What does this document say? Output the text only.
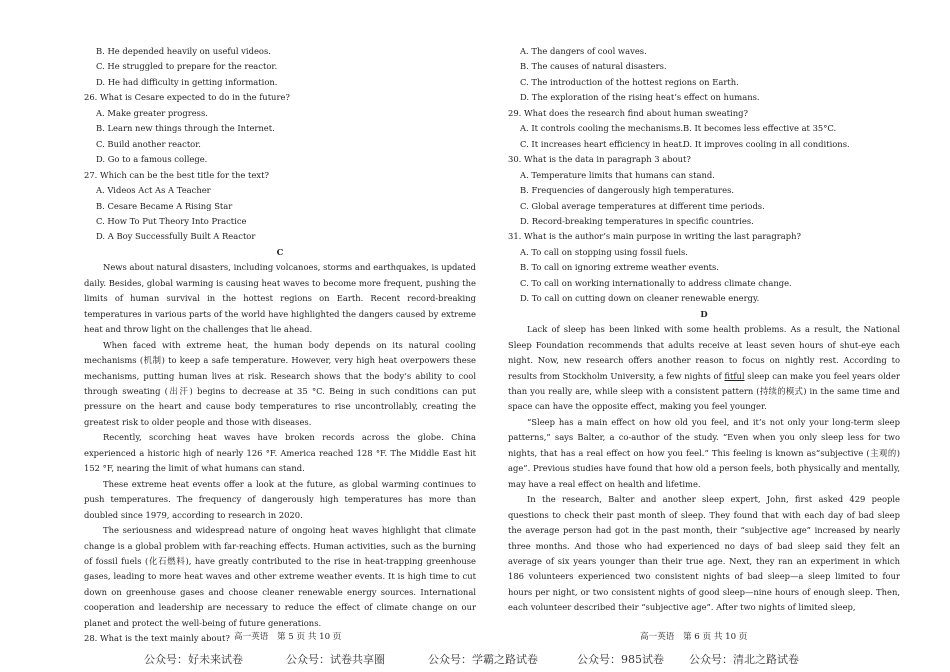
B. He depended heavily on useful videos.
C. He struggled to prepare for the reactor.
D. He had difficulty in getting information.
26. What is Cesare expected to do in the future?
A. Make greater progress.
B. Learn new things through the Internet.
C. Build another reactor.
D. Go to a famous college.
27. Which can be the best title for the text?
A. Videos Act As A Teacher
B. Cesare Became A Rising Star
C. How To Put Theory Into Practice
D. A Boy Successfully Built A Reactor
C
News about natural disasters, including volcanoes, storms and earthquakes, is updated daily. Besides, global warming is causing heat waves to become more frequent, pushing the limits of human survival in the hottest regions on Earth. Recent record-breaking temperatures in various parts of the world have highlighted the dangers caused by extreme heat and throw light on the challenges that lie ahead.
When faced with extreme heat, the human body depends on its natural cooling mechanisms (机制) to keep a safe temperature. However, very high heat overpowers these mechanisms, putting human lives at risk. Research shows that the body’s ability to cool through sweating (出汗) begins to decrease at 35 °C. Being in such conditions can put pressure on the heart and cause body temperatures to rise uncontrollably, creating the greatest risk to older people and those with diseases.
Recently, scorching heat waves have broken records across the globe. China experienced a historic high of nearly 126 °F. America reached 128 °F. The Middle East hit 152 °F, nearing the limit of what humans can stand.
These extreme heat events offer a look at the future, as global warming continues to push temperatures. The frequency of dangerously high temperatures has more than doubled since 1979, according to research in 2020.
The seriousness and widespread nature of ongoing heat waves highlight that climate change is a global problem with far-reaching effects. Human activities, such as the burning of fossil fuels (化石燃料), have greatly contributed to the rise in heat-trapping greenhouse gases, leading to more heat waves and other extreme weather events. It is high time to cut down on greenhouse gases and choose cleaner renewable energy sources. International cooperation and leadership are necessary to reduce the effect of climate change on our planet and protect the well-being of future generations.
28. What is the text mainly about?
A. The dangers of cool waves.
B. The causes of natural disasters.
C. The introduction of the hottest regions on Earth.
D. The exploration of the rising heat’s effect on humans.
29. What does the research find about human sweating?
A. It controls cooling the mechanisms. B. It becomes less effective at 35°C.
C. It increases heart efficiency in heat.
D. It improves cooling in all conditions.
30. What is the data in paragraph 3 about?
A. Temperature limits that humans can stand.
B. Frequencies of dangerously high temperatures.
C. Global average temperatures at different time periods.
D. Record-breaking temperatures in specific countries.
31. What is the author’s main purpose in writing the last paragraph?
A. To call on stopping using fossil fuels.
B. To call on ignoring extreme weather events.
C. To call on working internationally to address climate change.
D. To call on cutting down on cleaner renewable energy.
D
Lack of sleep has been linked with some health problems. As a result, the National Sleep Foundation recommends that adults receive at least seven hours of shut-eye each night. Now, new research offers another reason to focus on nightly rest. According to results from Stockholm University, a few nights of fitful sleep can make you feel years older than you really are, while sleep with a consistent pattern (持续的模式) in the same time and space can have the opposite effect, making you feel younger.
“Sleep has a main effect on how old you feel, and it’s not only your long-term sleep patterns,” says Balter, a co-author of the study. “Even when you only sleep less for two nights, that has a real effect on how you feel.” This feeling is known as“subjective (主观的) age”. Previous studies have found that how old a person feels, both physically and mentally, may have a real effect on health and lifetime.
In the research, Balter and another sleep expert, John, first asked 429 people questions to check their past month of sleep. They found that with each day of bad sleep the average person had got in the past month, their “subjective age” increased by nearly three months. And those who had experienced no days of bad sleep said they felt an average of six years younger than their true age. Next, they ran an experiment in which 186 volunteers experienced two consistent nights of bad sleep—a sleep limited to four hours per night, or two consistent nights of good sleep—nine hours of enough sleep. Then, each volunteer described their “subjective age”. After two nights of limited sleep,
高一英语　第 5 页 共 10 页	高一英语　第 6 页 共 10 页
公众号：好未来试卷	公众号：试卷共享圈	公众号：学霸之路试卷	公众号：985试卷 公众号：清北之路试卷
